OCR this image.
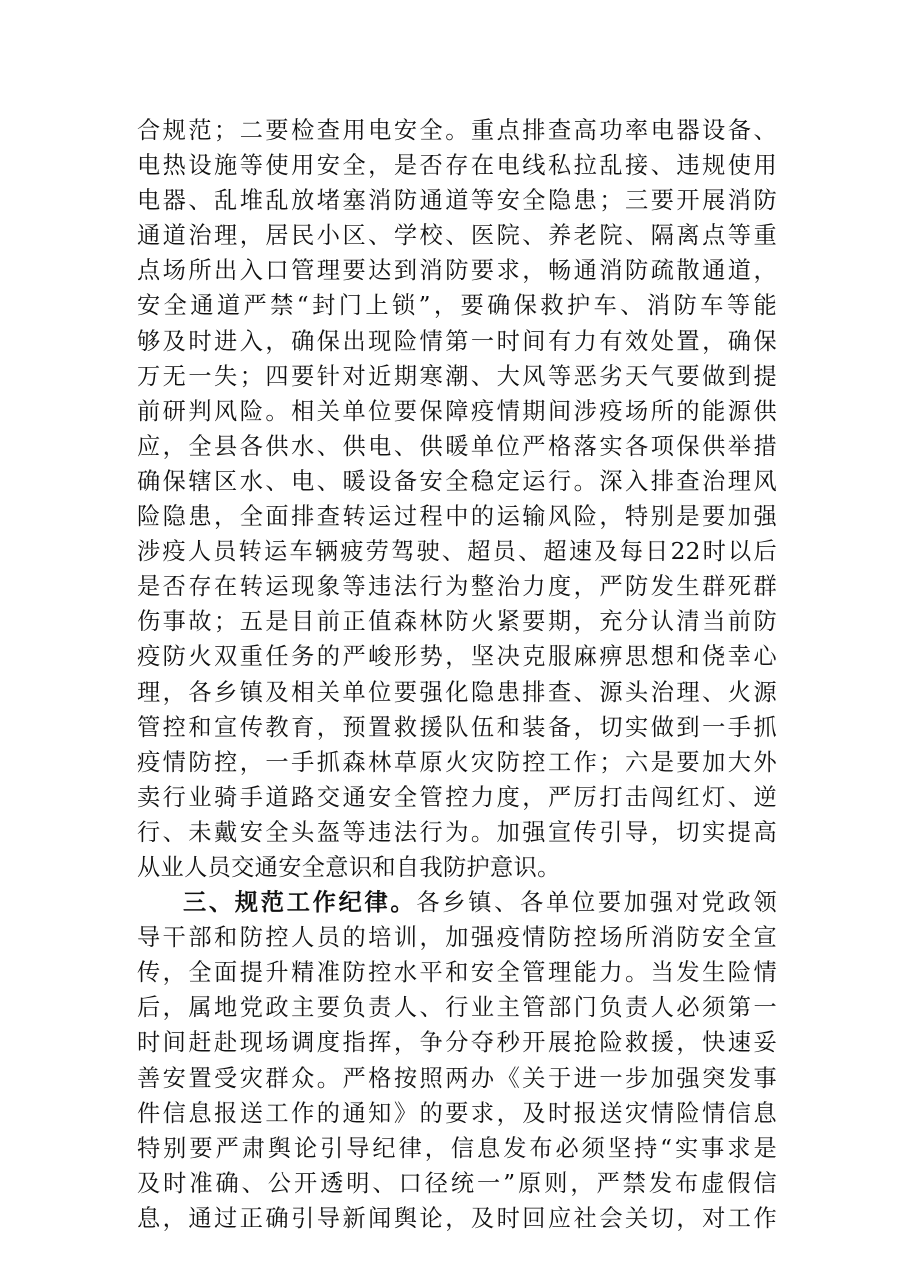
合规范；二要检查用电安全。重点排查高功率电器设备、
电热设施等使用安全，是否存在电线私拉乱接、违规使用
电器、乱堆乱放堵塞消防通道等安全隐患；三要开展消防
通道治理，居民小区、学校、医院、养老院、隔离点等重
点场所出入口管理要达到消防要求，畅通消防疏散通道，
安全通道严禁“封门上锁”，要确保救护车、消防车等能
够及时进入，确保出现险情第一时间有力有效处置，确保
万无一失；四要针对近期寒潮、大风等恶劣天气要做到提
前研判风险。相关单位要保障疫情期间涉疫场所的能源供
应，全县各供水、供电、供暖单位严格落实各项保供举措
确保辖区水、电、暖设备安全稳定运行。深入排查治理风
险隐患，全面排查转运过程中的运输风险，特别是要加强
涉疫人员转运车辆疲劳驾驶、超员、超速及每日22时以后
是否存在转运现象等违法行为整治力度，严防发生群死群
伤事故；五是目前正值森林防火紧要期，充分认清当前防
疫防火双重任务的严峻形势，坚决克服麻痹思想和侥幸心
理，各乡镇及相关单位要强化隐患排查、源头治理、火源
管控和宣传教育，预置救援队伍和装备，切实做到一手抓
疫情防控，一手抓森林草原火灾防控工作；六是要加大外
卖行业骑手道路交通安全管控力度，严厉打击闯红灯、逆
行、未戴安全头盔等违法行为。加强宣传引导，切实提高
从业人员交通安全意识和自我防护意识。
三、规范工作纪律。各乡镇、各单位要加强对党政领
导干部和防控人员的培训，加强疫情防控场所消防安全宣
传，全面提升精准防控水平和安全管理能力。当发生险情
后，属地党政主要负责人、行业主管部门负责人必须第一
时间赶赴现场调度指挥，争分夺秒开展抢险救援，快速妥
善安置受灾群众。严格按照两办《关于进一步加强突发事
件信息报送工作的通知》的要求，及时报送灾情险情信息
特别要严肃舆论引导纪律，信息发布必须坚持“实事求是
及时准确、公开透明、口径统一”原则，严禁发布虚假信
息，通过正确引导新闻舆论，及时回应社会关切，对工作
